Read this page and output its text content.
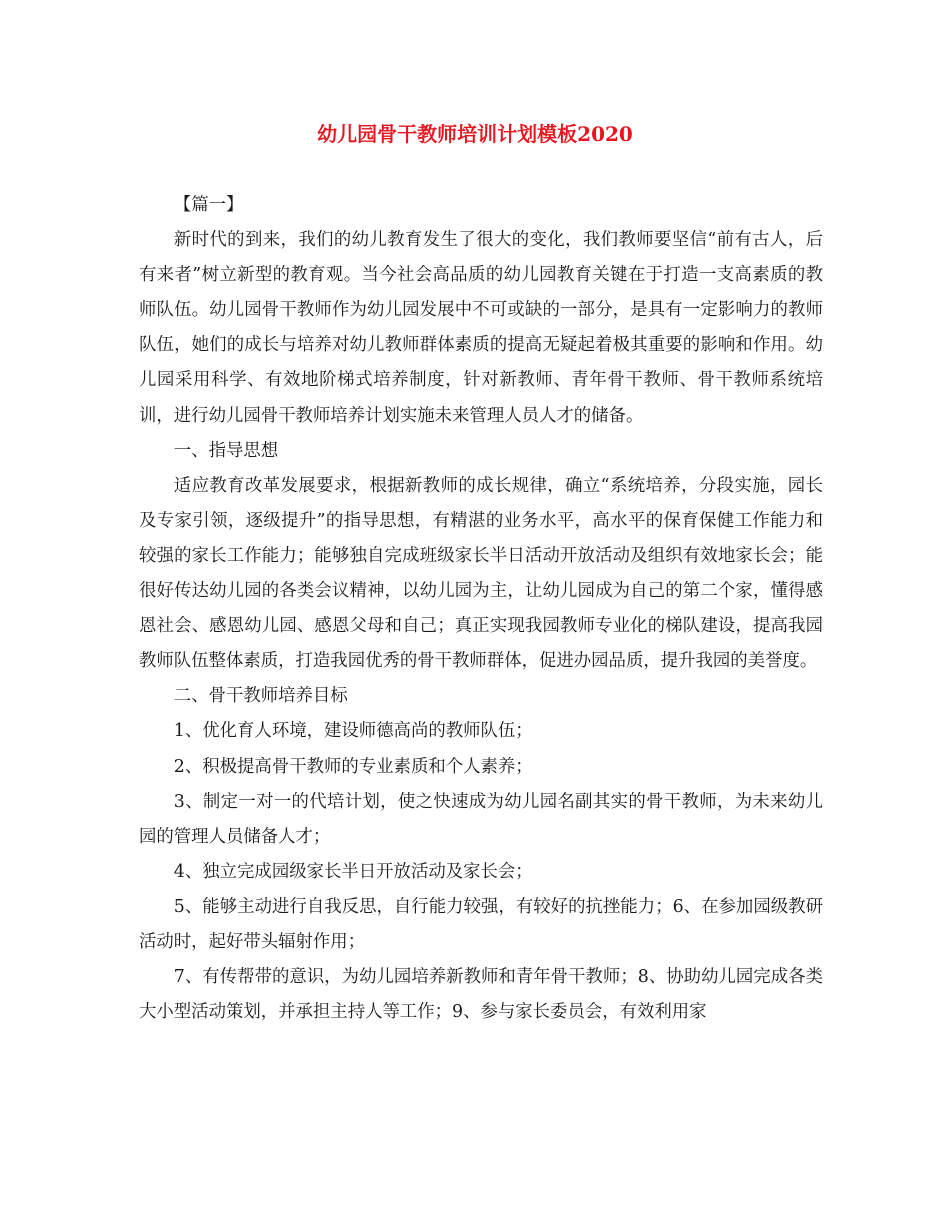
幼儿园骨干教师培训计划模板2020

【篇一】

新时代的到来，我们的幼儿教育发生了很大的变化，我们教师要坚信“前有古人，后有来者”树立新型的教育观。当今社会高品质的幼儿园教育关键在于打造一支高素质的教师队伍。幼儿园骨干教师作为幼儿园发展中不可或缺的一部分，是具有一定影响力的教师队伍，她们的成长与培养对幼儿教师群体素质的提高无疑起着极其重要的影响和作用。幼儿园采用科学、有效地阶梯式培养制度，针对新教师、青年骨干教师、骨干教师系统培训，进行幼儿园骨干教师培养计划实施未来管理人员人才的储备。

一、指导思想

适应教育改革发展要求，根据新教师的成长规律，确立“系统培养，分段实施，园长及专家引领，逐级提升”的指导思想，有精湛的业务水平，高水平的保育保健工作能力和较强的家长工作能力；能够独自完成班级家长半日活动开放活动及组织有效地家长会；能很好传达幼儿园的各类会议精神，以幼儿园为主，让幼儿园成为自己的第二个家，懂得感恩社会、感恩幼儿园、感恩父母和自己；真正实现我园教师专业化的梯队建设，提高我园教师队伍整体素质，打造我园优秀的骨干教师群体，促进办园品质，提升我园的美誉度。

二、骨干教师培养目标

1、优化育人环境，建设师德高尚的教师队伍；

2、积极提高骨干教师的专业素质和个人素养；

3、制定一对一的代培计划，使之快速成为幼儿园名副其实的骨干教师，为未来幼儿园的管理人员储备人才；

4、独立完成园级家长半日开放活动及家长会；

5、能够主动进行自我反思，自行能力较强，有较好的抗挫能力；6、在参加园级教研活动时，起好带头辐射作用；

7、有传帮带的意识，为幼儿园培养新教师和青年骨干教师；8、协助幼儿园完成各类大小型活动策划，并承担主持人等工作；9、参与家长委员会，有效利用家
